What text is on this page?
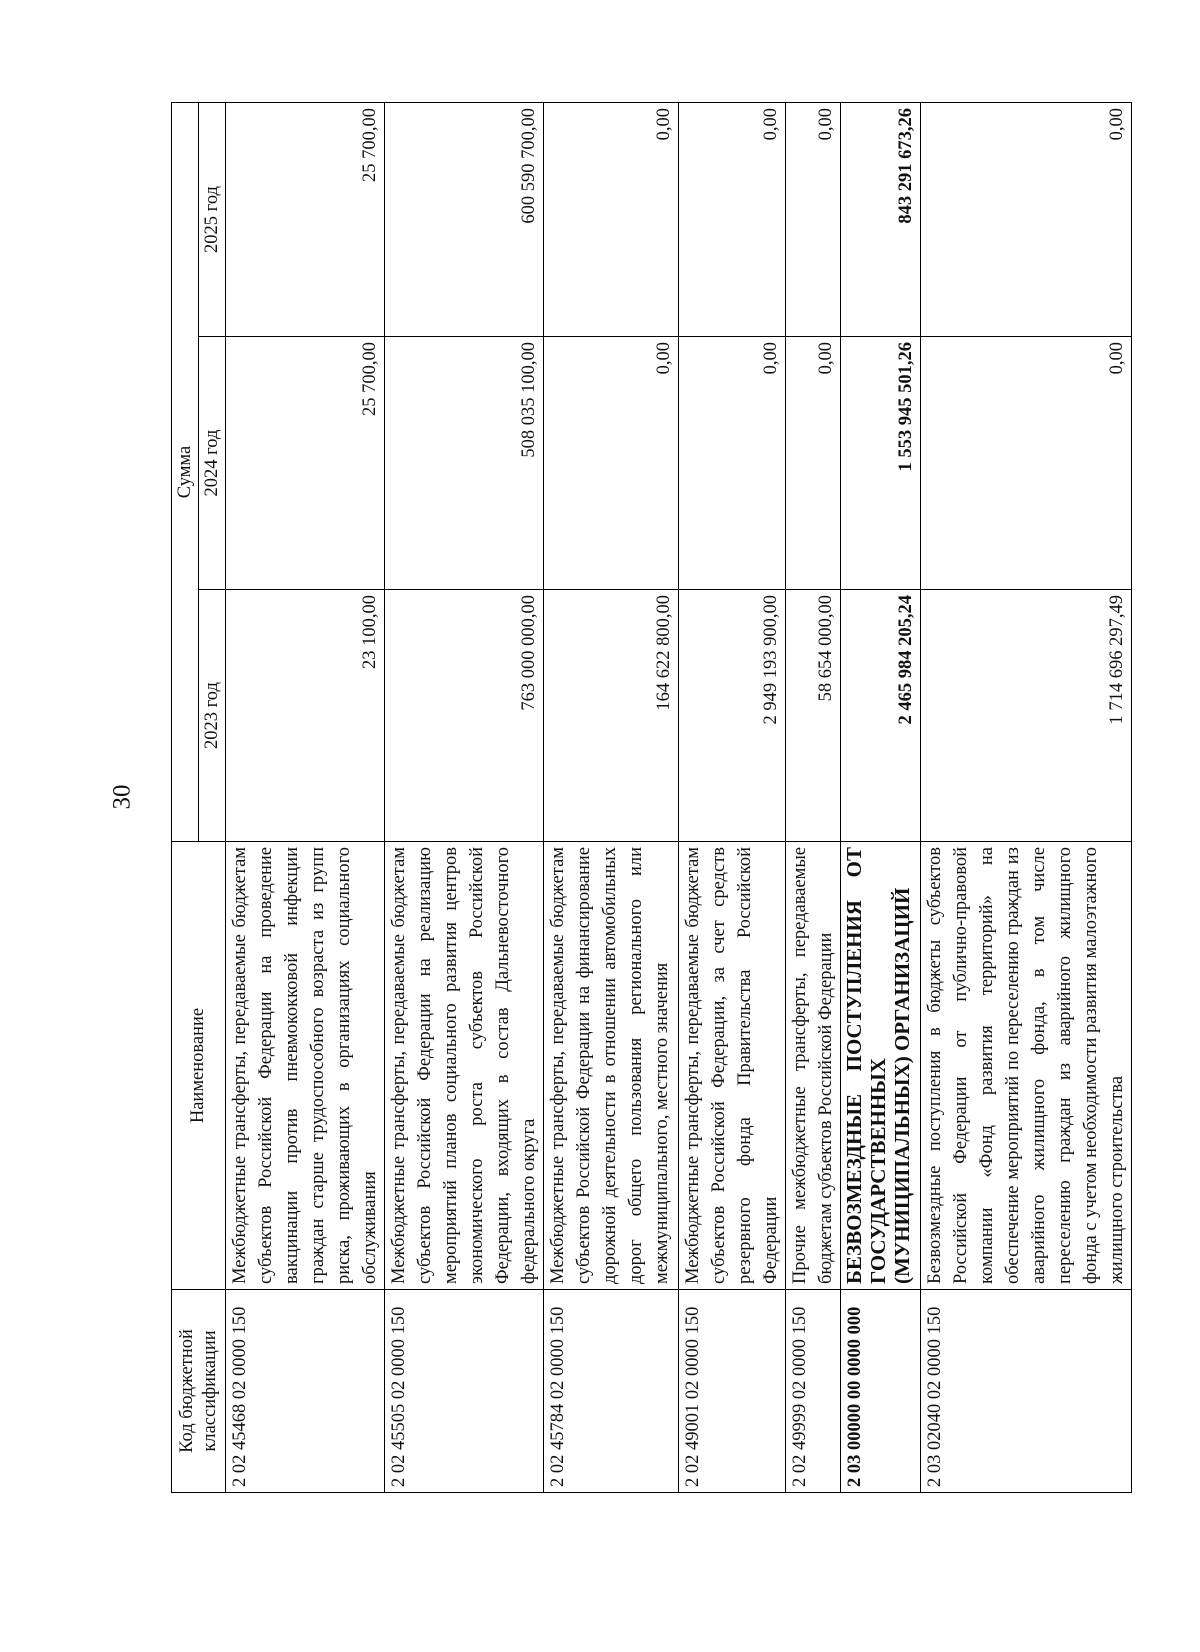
30
Код бюджетной классификации	Наименование	Сумма		
		2023 год	2024 год	2025 год
2 02 45468 02 0000 150	Межбюджетные трансферты, передаваемые бюджетам субъектов Российской Федерации на проведение вакцинации против пневмококковой инфекции граждан старше трудоспособного возраста из групп риска, проживающих в организациях социального обслуживания	23 100,00	25 700,00	25 700,00
2 02 45505 02 0000 150	Межбюджетные трансферты, передаваемые бюджетам субъектов Российской Федерации на реализацию мероприятий планов социального развития центров экономического роста субъектов Российской Федерации, входящих в состав Дальневосточного федерального округа	763 000 000,00	508 035 100,00	600 590 700,00
2 02 45784 02 0000 150	Межбюджетные трансферты, передаваемые бюджетам субъектов Российской Федерации на финансирование дорожной деятельности в отношении автомобильных дорог общего пользования регионального или межмуниципального, местного значения	164 622 800,00	0,00	0,00
2 02 49001 02 0000 150	Межбюджетные трансферты, передаваемые бюджетам субъектов Российской Федерации, за счет средств резервного фонда Правительства Российской Федерации	2 949 193 900,00	0,00	0,00
2 02 49999 02 0000 150	Прочие межбюджетные трансферты, передаваемые бюджетам субъектов Российской Федерации	58 654 000,00	0,00	0,00
2 03 00000 00 0000 000	БЕЗВОЗМЕЗДНЫЕ ПОСТУПЛЕНИЯ ОТ ГОСУДАРСТВЕННЫХ (МУНИЦИПАЛЬНЫХ) ОРГАНИЗАЦИЙ	2 465 984 205,24	1 553 945 501,26	843 291 673,26
2 03 02040 02 0000 150	Безвозмездные поступления в бюджеты субъектов Российской Федерации от публично-правовой компании «Фонд развития территорий» на обеспечение мероприятий по переселению граждан из аварийного жилищного фонда, в том числе переселению граждан из аварийного жилищного фонда с учетом необходимости развития малоэтажного жилищного строительства	1 714 696 297,49	0,00	0,00
